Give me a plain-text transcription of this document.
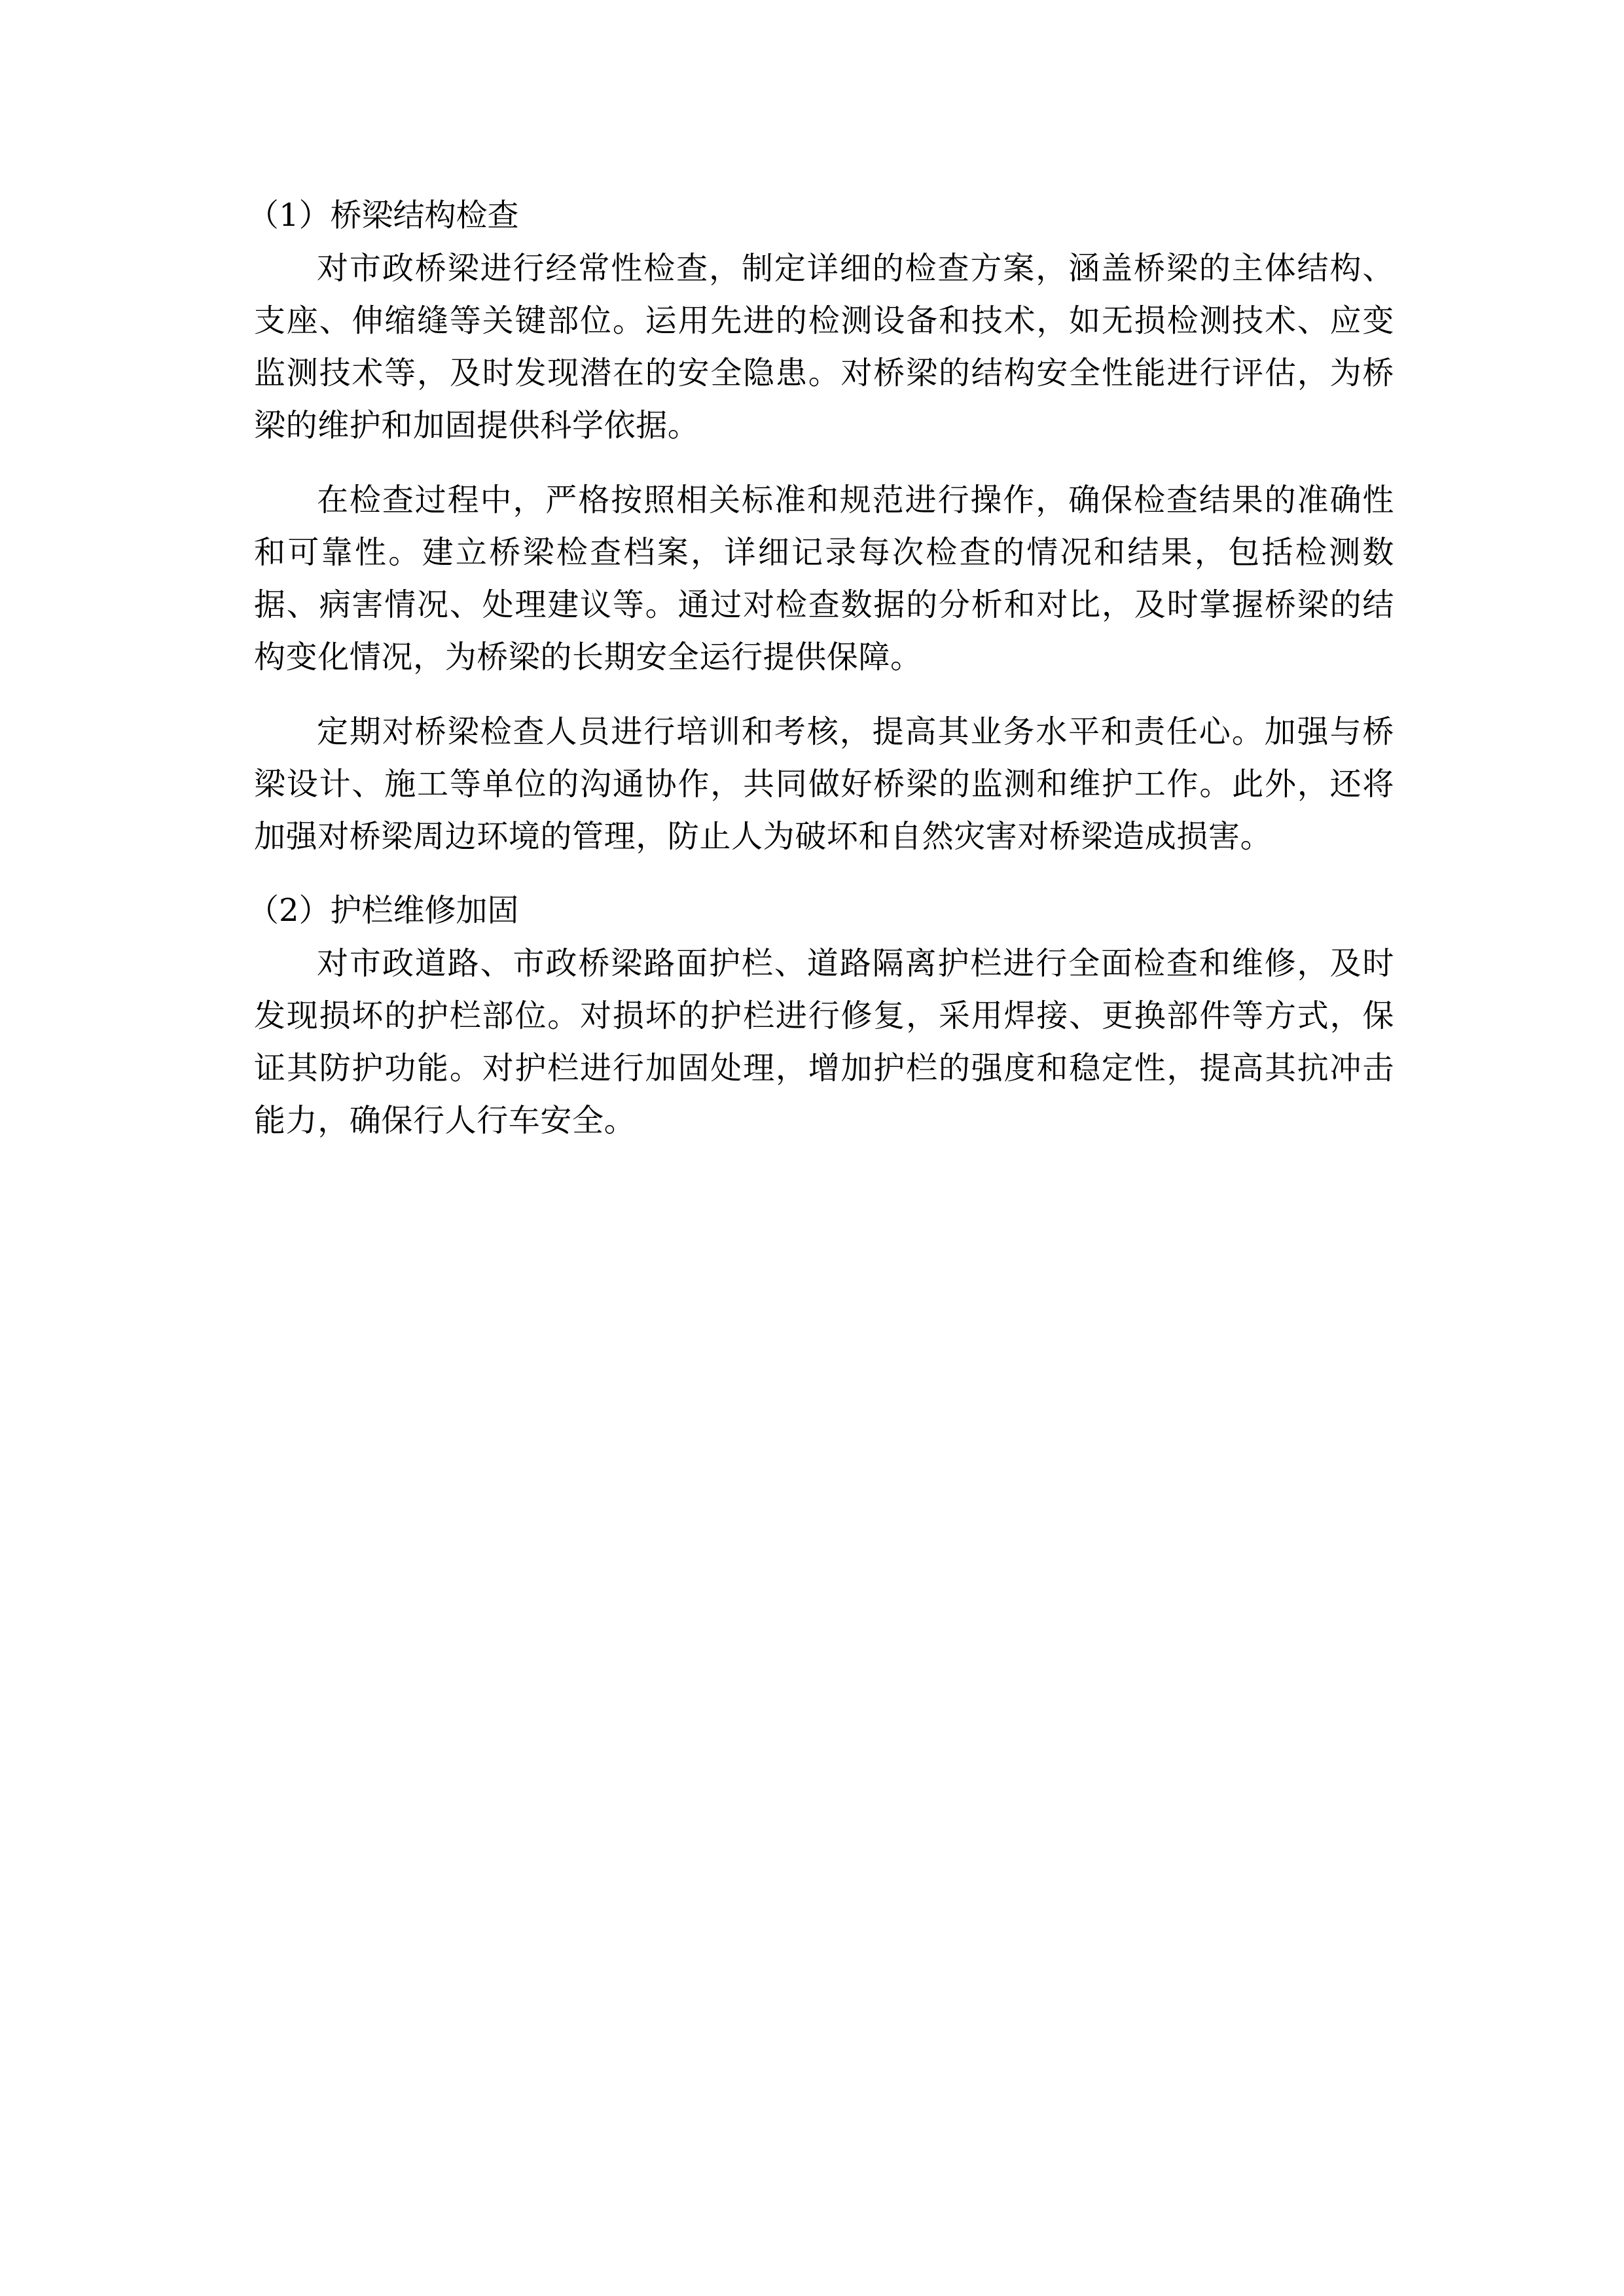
（1）桥梁结构检查

对市政桥梁进行经常性检查，制定详细的检查方案，涵盖桥梁的主体结构、支座、伸缩缝等关键部位。运用先进的检测设备和技术，如无损检测技术、应变监测技术等，及时发现潜在的安全隐患。对桥梁的结构安全性能进行评估，为桥梁的维护和加固提供科学依据。

在检查过程中，严格按照相关标准和规范进行操作，确保检查结果的准确性和可靠性。建立桥梁检查档案，详细记录每次检查的情况和结果，包括检测数据、病害情况、处理建议等。通过对检查数据的分析和对比，及时掌握桥梁的结构变化情况，为桥梁的长期安全运行提供保障。

定期对桥梁检查人员进行培训和考核，提高其业务水平和责任心。加强与桥梁设计、施工等单位的沟通协作，共同做好桥梁的监测和维护工作。此外，还将加强对桥梁周边环境的管理，防止人为破坏和自然灾害对桥梁造成损害。

（2）护栏维修加固

对市政道路、市政桥梁路面护栏、道路隔离护栏进行全面检查和维修，及时发现损坏的护栏部位。对损坏的护栏进行修复，采用焊接、更换部件等方式，保证其防护功能。对护栏进行加固处理，增加护栏的强度和稳定性，提高其抗冲击能力，确保行人行车安全。
